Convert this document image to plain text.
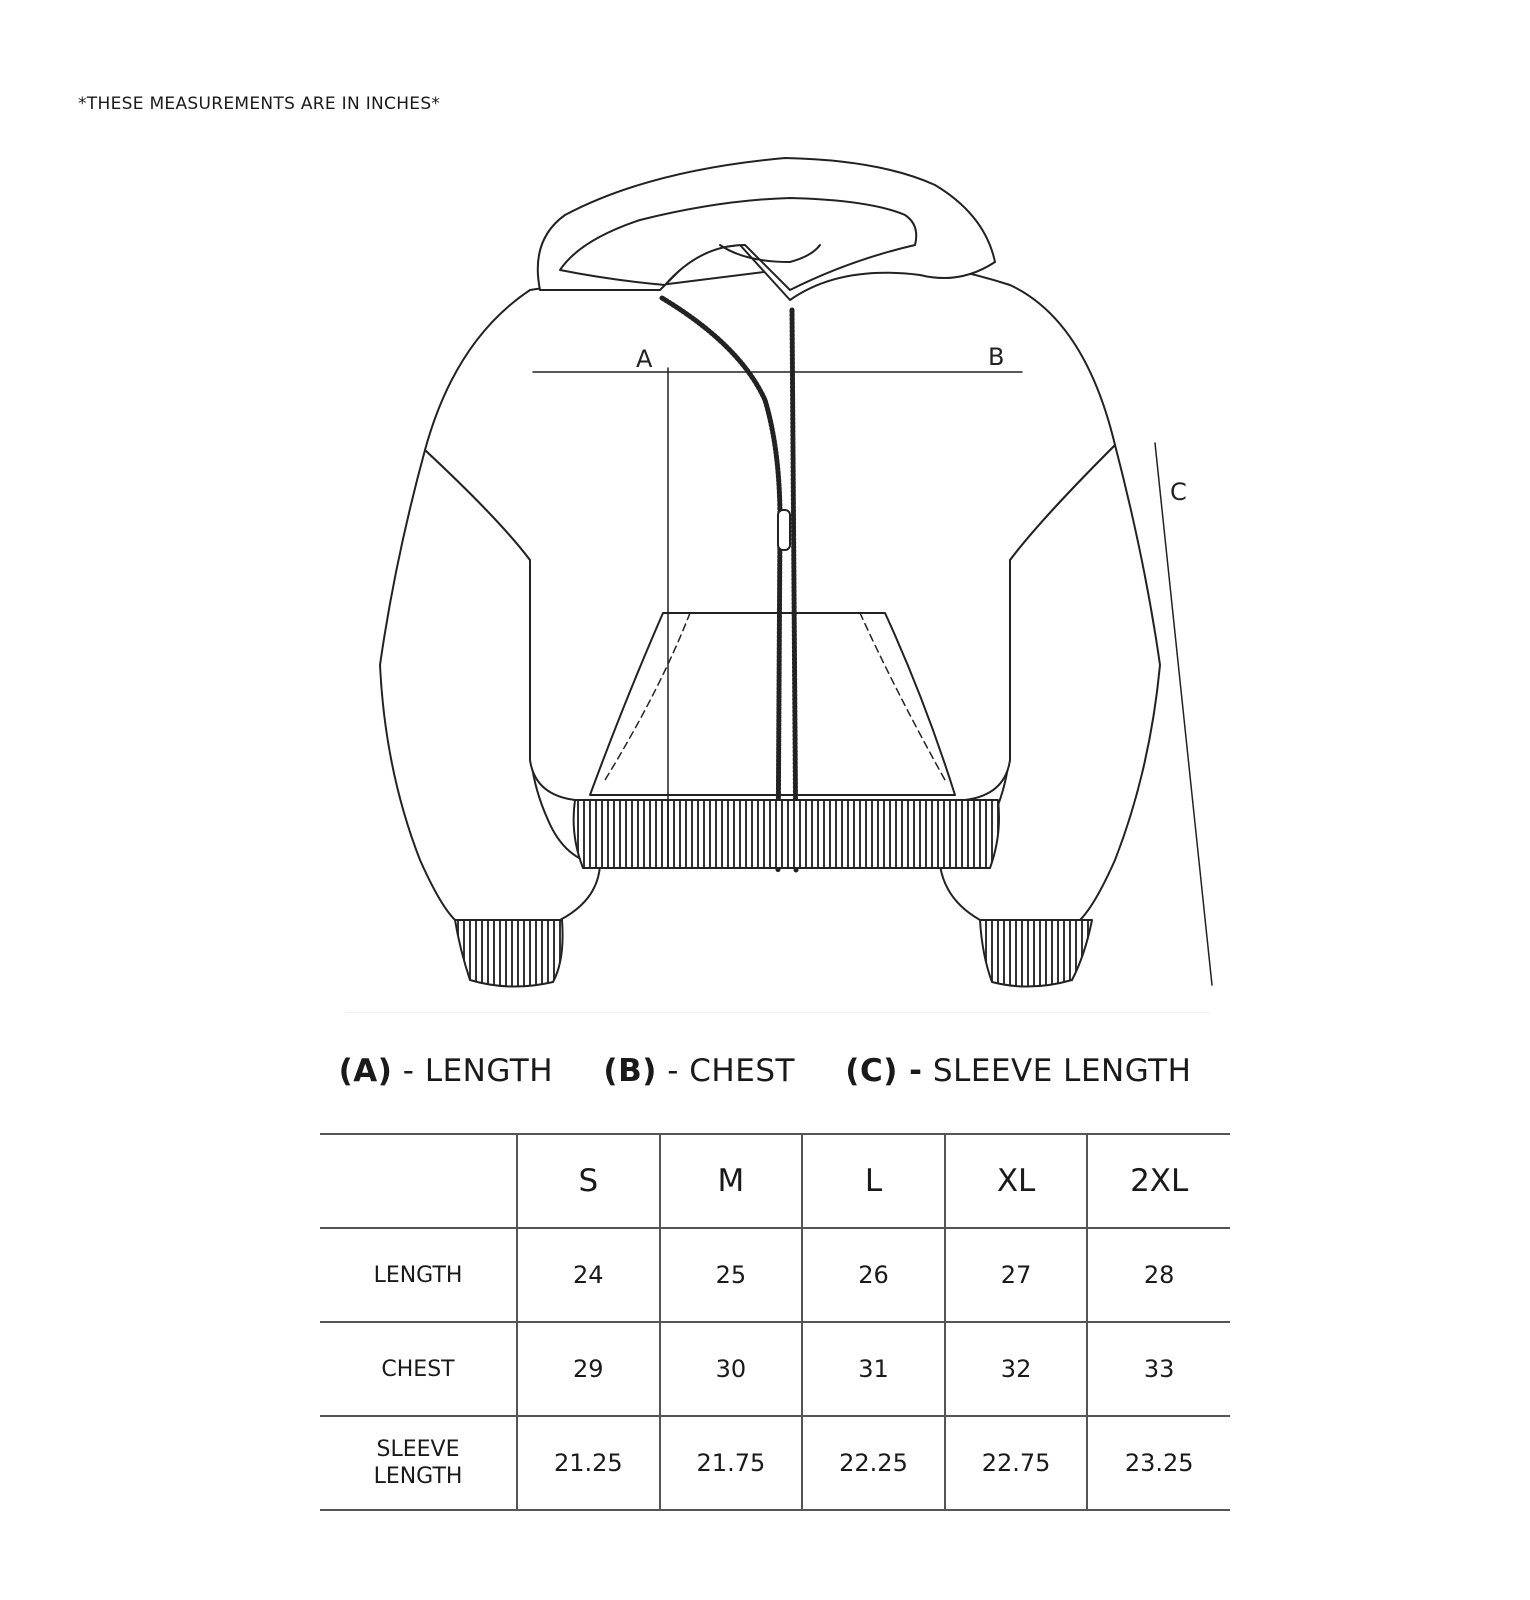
*THESE MEASUREMENTS ARE IN INCHES*
A	B
C
(A) - LENGTH (B) - CHEST (C) - SLEEVE LENGTH
	S	M	L	XL	2XL
LENGTH	24	25	26	27	28
CHEST	29	30	31	32	33
SLEEVE LENGTH	21.25	21.75	22.25	22.75	23.25
